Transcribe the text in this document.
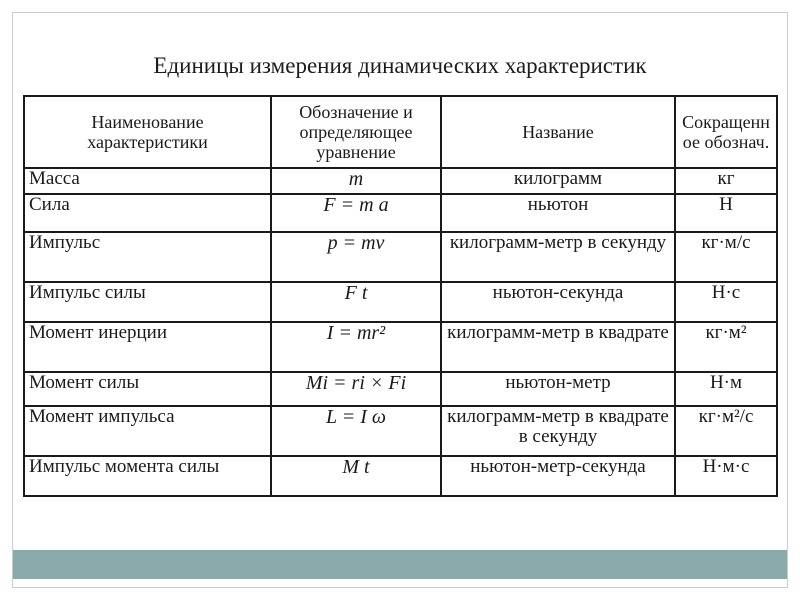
Единицы измерения динамических характеристик
Наименование характеристики	Обозначение и определяющее уравнение	Название	Сокращенное обознач.
Масса	m	килограмм	кг
Сила	F = m a	ньютон	Н
Импульс	p = mv	килограмм-метр в секунду	кг·м/с
Импульс силы	F t	ньютон-секунда	Н·с
Момент инерции	I = mr²	килограмм-метр в квадрате	кг·м²
Момент силы	Mi = ri × Fi	ньютон-метр	Н·м
Момент импульса	L = I ω	килограмм-метр в квадрате в секунду	кг·м²/с
Импульс момента силы	M t	ньютон-метр-секунда	Н·м·с
